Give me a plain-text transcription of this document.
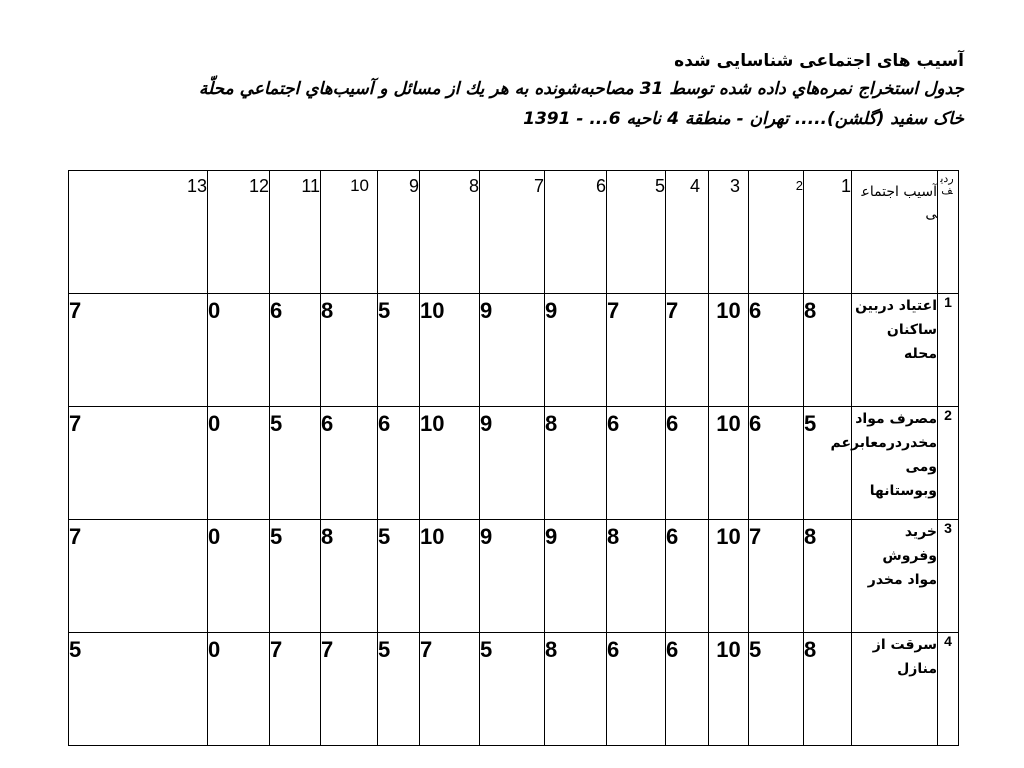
آسیب های اجتماعی شناسایی شده
جدول استخراج نمره‌هاي داده شده توسط 31 مصاحبه‌شونده به هر يك از مسائل و آسیب‌هاي اجتماعي محلّة
خاک سفید (گلشن)..... تهران - منطقة 4 ناحیه 6... - 1391
ردیف	آسیب اجتماعی	1	2	3	4	5	6	7	8	9	10	11	12	13
1	اعتیاد دربین ساکنان محله	8	6	10	7	7	9	9	10	5	8	6	0	7
2	مصرف مواد مخدردرمعابرعم ومی وبوستانها	5	6	10	6	6	8	9	10	6	6	5	0	7
3	خرید وفروش مواد مخدر	8	7	10	6	8	9	9	10	5	8	5	0	7
4	سرقت از منازل	8	5	10	6	6	8	5	7	5	7	7	0	5
